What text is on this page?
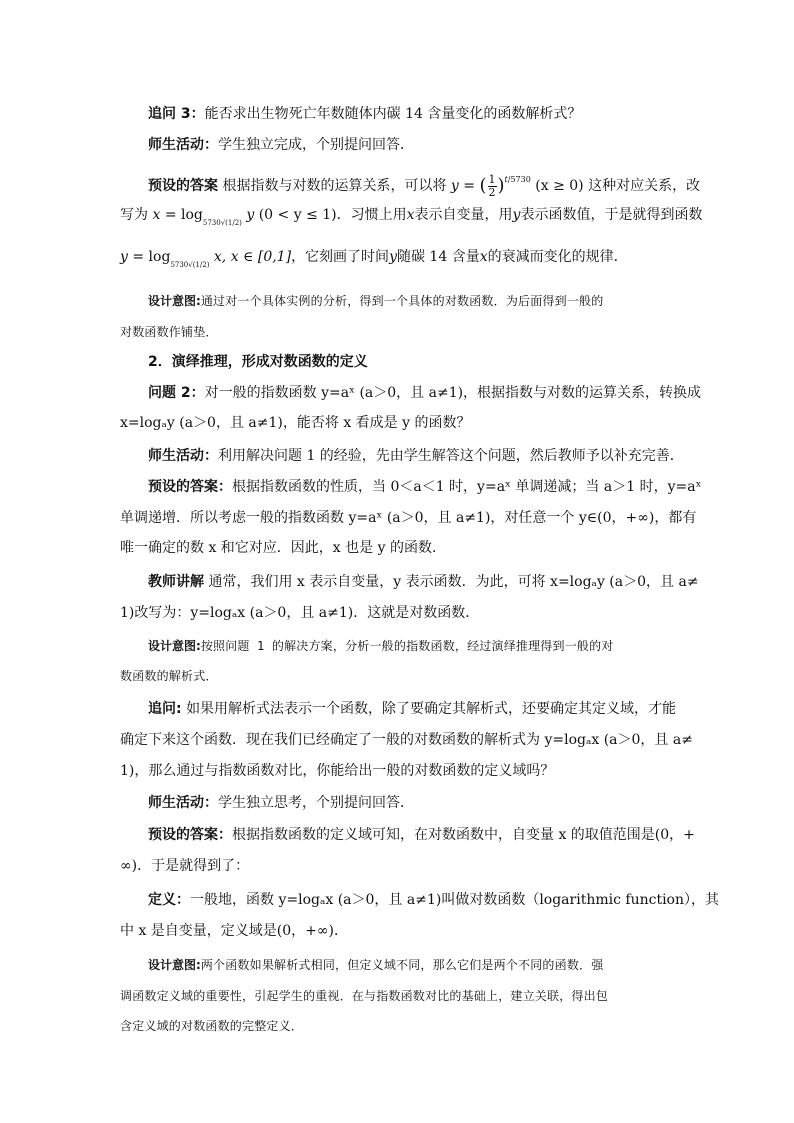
追问 3：能否求出生物死亡年数随体内碳 14 含量变化的函数解析式？
师生活动：学生独立完成，个别提问回答．
预设的答案 根据指数与对数的运算关系，可以将 y = ( $\frac{1}{2} )^{t/5730}$ (x ≥ 0) 这种对应关系，改
写为 $x = \log_{5730√(1/2)} y$ (0 < y ≤ 1)．习惯上用x表示自变量，用y表示函数值，于是就得到函数
$y = \log_{5730√(1/2)} x$, x ∈ [0,1]，它刻画了时间y随碳 14 含量x的衰减而变化的规律．
设计意图:通过对一个具体实例的分析，得到一个具体的对数函数．为后面得到一般的
对数函数作铺垫．
2．演绎推理，形成对数函数的定义
问题 2：对一般的指数函数 y=aˣ (a＞0，且 a≠1)，根据指数与对数的运算关系，转换成
x=logₐy (a＞0，且 a≠1)，能否将 x 看成是 y 的函数？
师生活动：利用解决问题 1 的经验，先由学生解答这个问题，然后教师予以补充完善．
预设的答案：根据指数函数的性质，当 0＜a＜1 时，y=aˣ 单调递减；当 a＞1 时，y=aˣ
单调递增．所以考虑一般的指数函数 y=aˣ (a＞0，且 a≠1)，对任意一个 y∈(0，+∞)，都有
唯一确定的数 x 和它对应．因此，x 也是 y 的函数．
教师讲解 通常，我们用 x 表示自变量，y 表示函数．为此，可将 x=logₐy (a＞0，且 a≠
1)改写为：y=logₐx (a＞0，且 a≠1)．这就是对数函数．
设计意图:按照问题 1 的解决方案，分析一般的指数函数，经过演绎推理得到一般的对
数函数的解析式．
追问: 如果用解析式法表示一个函数，除了要确定其解析式，还要确定其定义域，才能
确定下来这个函数．现在我们已经确定了一般的对数函数的解析式为 y=logₐx (a＞0，且 a≠
1)，那么通过与指数函数对比，你能给出一般的对数函数的定义域吗？
师生活动：学生独立思考，个别提问回答．
预设的答案：根据指数函数的定义域可知，在对数函数中，自变量 x 的取值范围是(0，+
∞)．于是就得到了：
定义：一般地，函数 y=logₐx (a＞0，且 a≠1)叫做对数函数（logarithmic function），其
中 x 是自变量，定义域是(0，+∞)．
设计意图:两个函数如果解析式相同，但定义域不同，那么它们是两个不同的函数．强
调函数定义域的重要性，引起学生的重视．在与指数函数对比的基础上，建立关联，得出包
含定义域的对数函数的完整定义．
